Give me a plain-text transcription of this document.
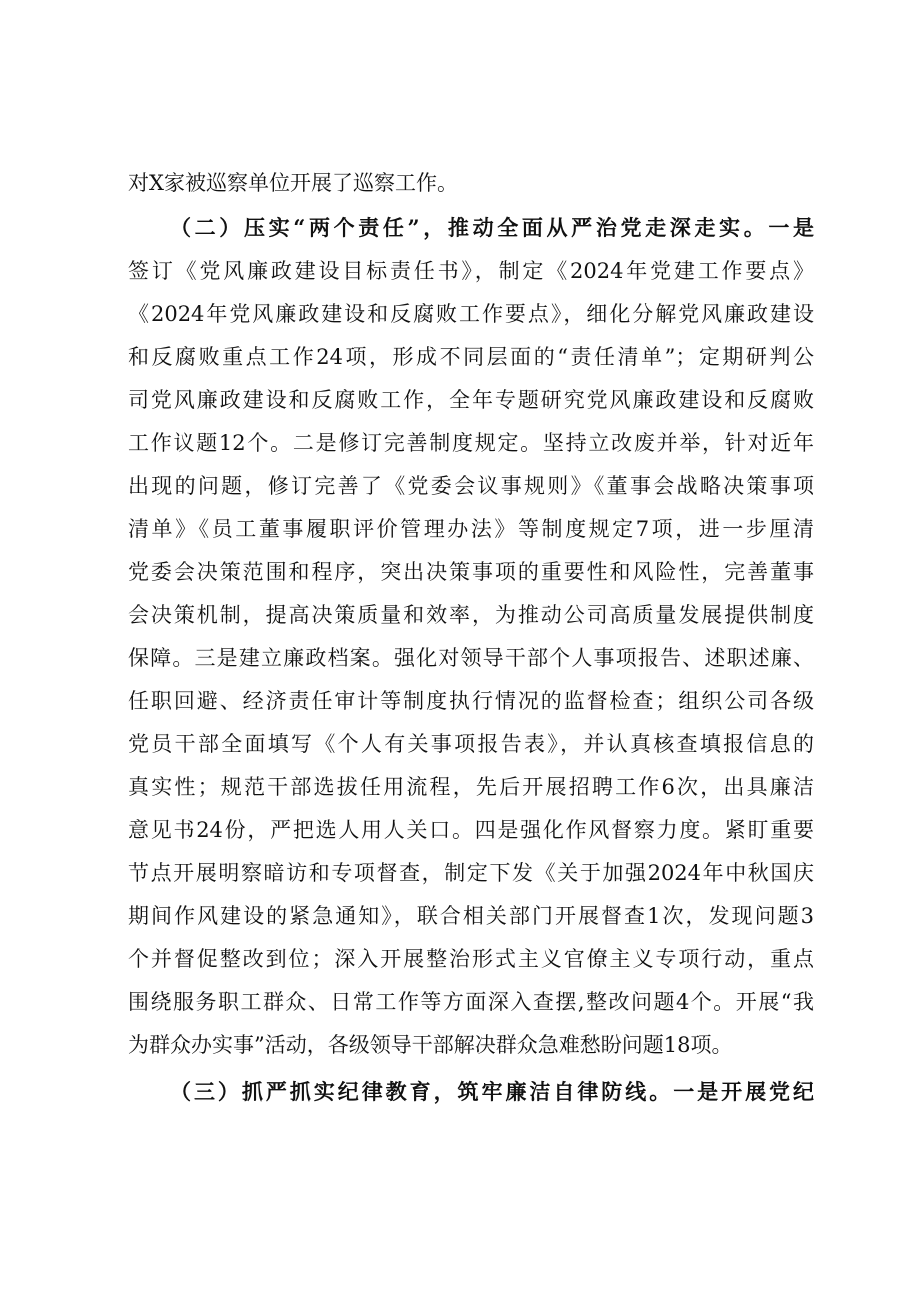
对X家被巡察单位开展了巡察工作。
（二）压实“两个责任”，推动全面从严治党走深走实。一是
签订《党风廉政建设目标责任书》，制定《2024年党建工作要点》
《2024年党风廉政建设和反腐败工作要点》，细化分解党风廉政建设
和反腐败重点工作24项，形成不同层面的“责任清单”；定期研判公
司党风廉政建设和反腐败工作，全年专题研究党风廉政建设和反腐败
工作议题12个。二是修订完善制度规定。坚持立改废并举，针对近年
出现的问题，修订完善了《党委会议事规则》《董事会战略决策事项
清单》《员工董事履职评价管理办法》等制度规定7项，进一步厘清
党委会决策范围和程序，突出决策事项的重要性和风险性，完善董事
会决策机制，提高决策质量和效率，为推动公司高质量发展提供制度
保障。三是建立廉政档案。强化对领导干部个人事项报告、述职述廉、
任职回避、经济责任审计等制度执行情况的监督检查；组织公司各级
党员干部全面填写《个人有关事项报告表》，并认真核查填报信息的
真实性；规范干部选拔任用流程，先后开展招聘工作6次，出具廉洁
意见书24份，严把选人用人关口。四是强化作风督察力度。紧盯重要
节点开展明察暗访和专项督查，制定下发《关于加强2024年中秋国庆
期间作风建设的紧急通知》，联合相关部门开展督查1次，发现问题3
个并督促整改到位；深入开展整治形式主义官僚主义专项行动，重点
围绕服务职工群众、日常工作等方面深入查摆,整改问题4个。开展“我
为群众办实事”活动，各级领导干部解决群众急难愁盼问题18项。
（三）抓严抓实纪律教育，筑牢廉洁自律防线。一是开展党纪
